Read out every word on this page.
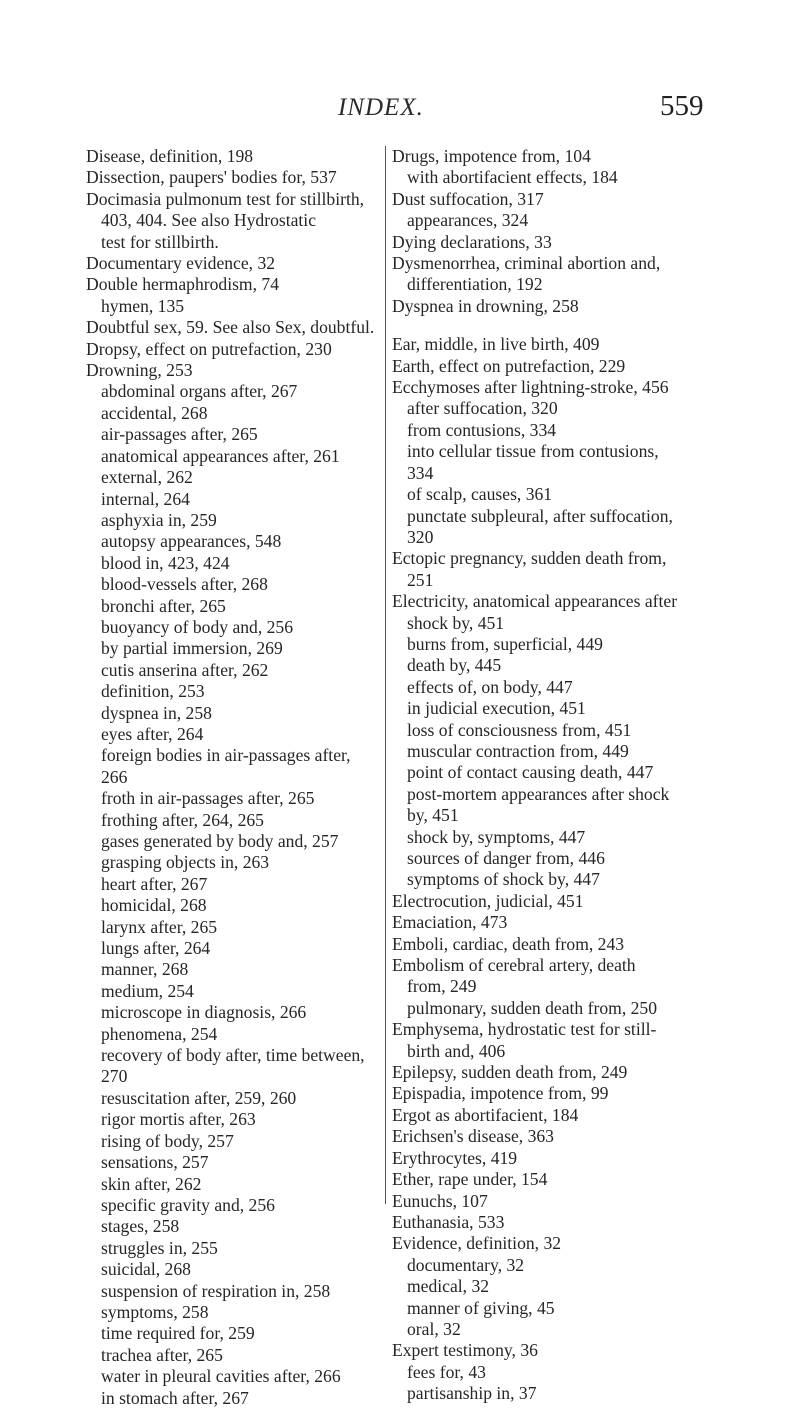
INDEX.	559
Disease, definition, 198
Dissection, paupers' bodies for, 537
Docimasia pulmonum test for stillbirth,
403, 404. See also Hydrostatic
test for stillbirth.
Documentary evidence, 32
Double hermaphrodism, 74
hymen, 135
Doubtful sex, 59. See also Sex, doubtful.
Dropsy, effect on putrefaction, 230
Drowning, 253
abdominal organs after, 267
accidental, 268
air-passages after, 265
anatomical appearances after, 261
external, 262
internal, 264
asphyxia in, 259
autopsy appearances, 548
blood in, 423, 424
blood-vessels after, 268
bronchi after, 265
buoyancy of body and, 256
by partial immersion, 269
cutis anserina after, 262
definition, 253
dyspnea in, 258
eyes after, 264
foreign bodies in air-passages after,
266
froth in air-passages after, 265
frothing after, 264, 265
gases generated by body and, 257
grasping objects in, 263
heart after, 267
homicidal, 268
larynx after, 265
lungs after, 264
manner, 268
medium, 254
microscope in diagnosis, 266
phenomena, 254
recovery of body after, time between,
270
resuscitation after, 259, 260
rigor mortis after, 263
rising of body, 257
sensations, 257
skin after, 262
specific gravity and, 256
stages, 258
struggles in, 255
suicidal, 268
suspension of respiration in, 258
symptoms, 258
time required for, 259
trachea after, 265
water in pleural cavities after, 266
in stomach after, 267
Drugs, impotence from, 104
with abortifacient effects, 184
Dust suffocation, 317
appearances, 324
Dying declarations, 33
Dysmenorrhea, criminal abortion and,
differentiation, 192
Dyspnea in drowning, 258
Ear, middle, in live birth, 409
Earth, effect on putrefaction, 229
Ecchymoses after lightning-stroke, 456
after suffocation, 320
from contusions, 334
into cellular tissue from contusions,
334
of scalp, causes, 361
punctate subpleural, after suffocation,
320
Ectopic pregnancy, sudden death from,
251
Electricity, anatomical appearances after
shock by, 451
burns from, superficial, 449
death by, 445
effects of, on body, 447
in judicial execution, 451
loss of consciousness from, 451
muscular contraction from, 449
point of contact causing death, 447
post-mortem appearances after shock
by, 451
shock by, symptoms, 447
sources of danger from, 446
symptoms of shock by, 447
Electrocution, judicial, 451
Emaciation, 473
Emboli, cardiac, death from, 243
Embolism of cerebral artery, death
from, 249
pulmonary, sudden death from, 250
Emphysema, hydrostatic test for still-
birth and, 406
Epilepsy, sudden death from, 249
Epispadia, impotence from, 99
Ergot as abortifacient, 184
Erichsen's disease, 363
Erythrocytes, 419
Ether, rape under, 154
Eunuchs, 107
Euthanasia, 533
Evidence, definition, 32
documentary, 32
medical, 32
manner of giving, 45
oral, 32
Expert testimony, 36
fees for, 43
partisanship in, 37
